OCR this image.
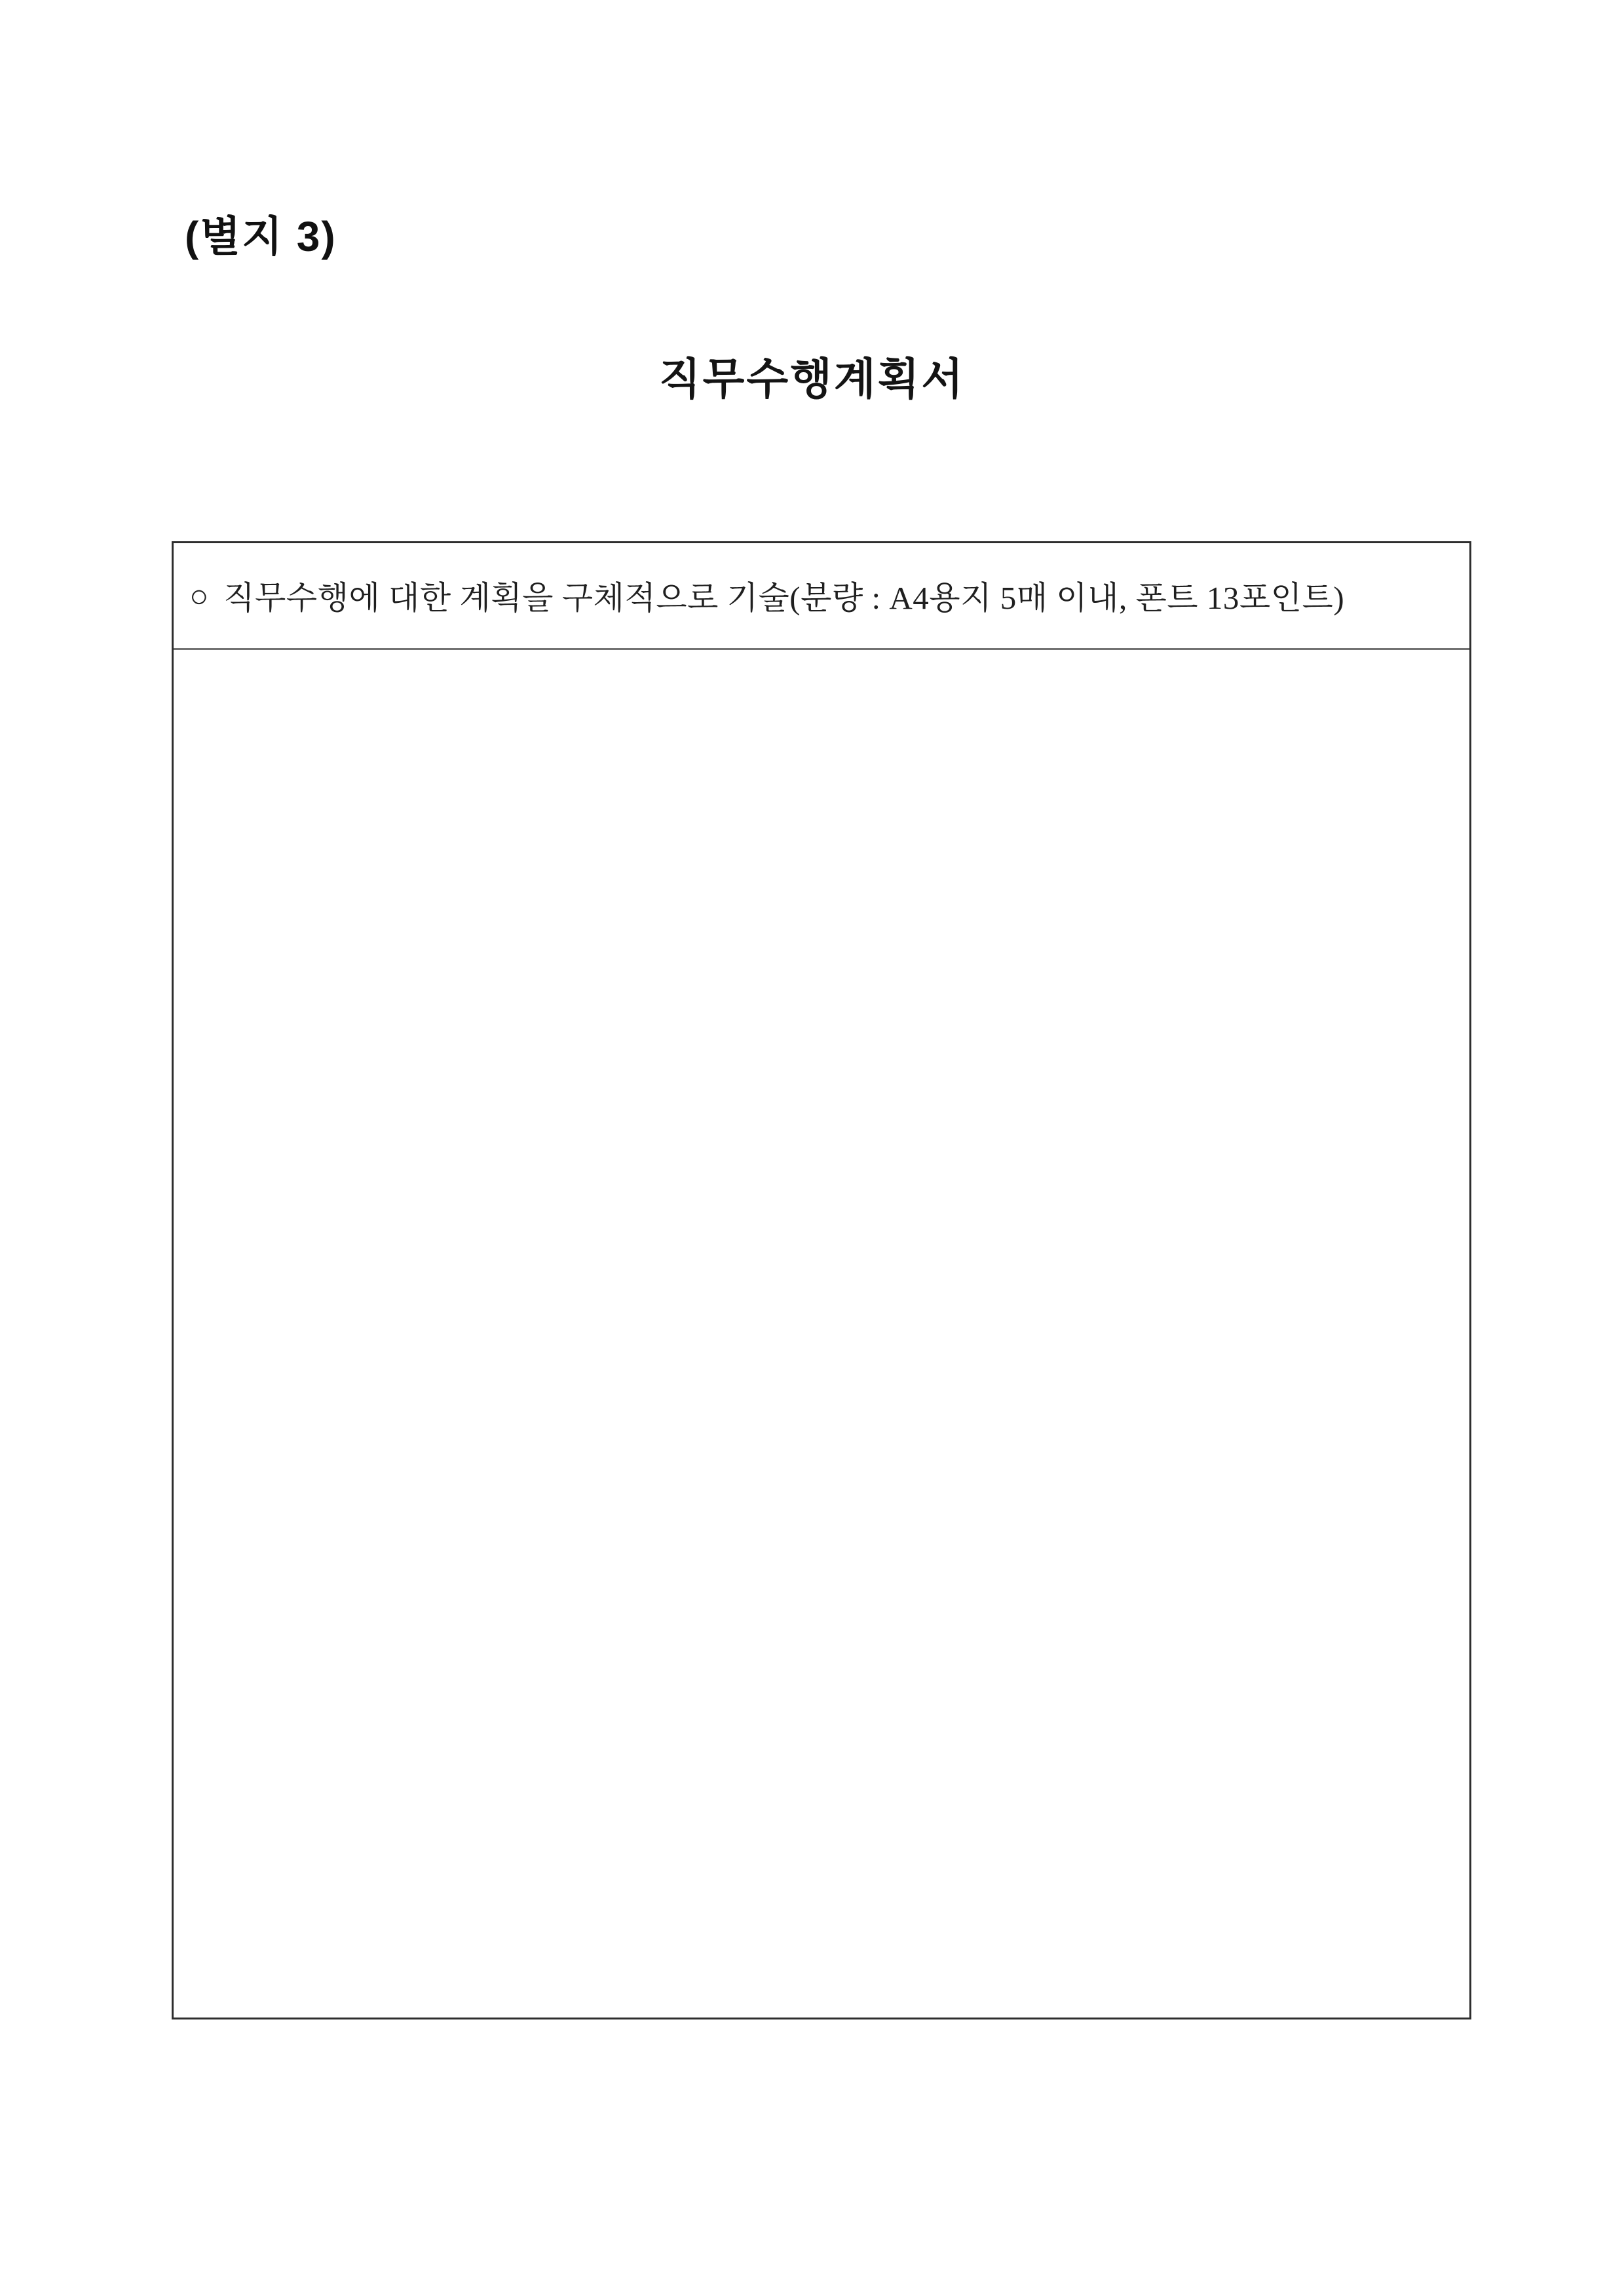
(별지 3)
직무수행계획서
○ 직무수행에 대한 계획을 구체적으로 기술(분량 : A4용지 5매 이내, 폰트 13포인트)
